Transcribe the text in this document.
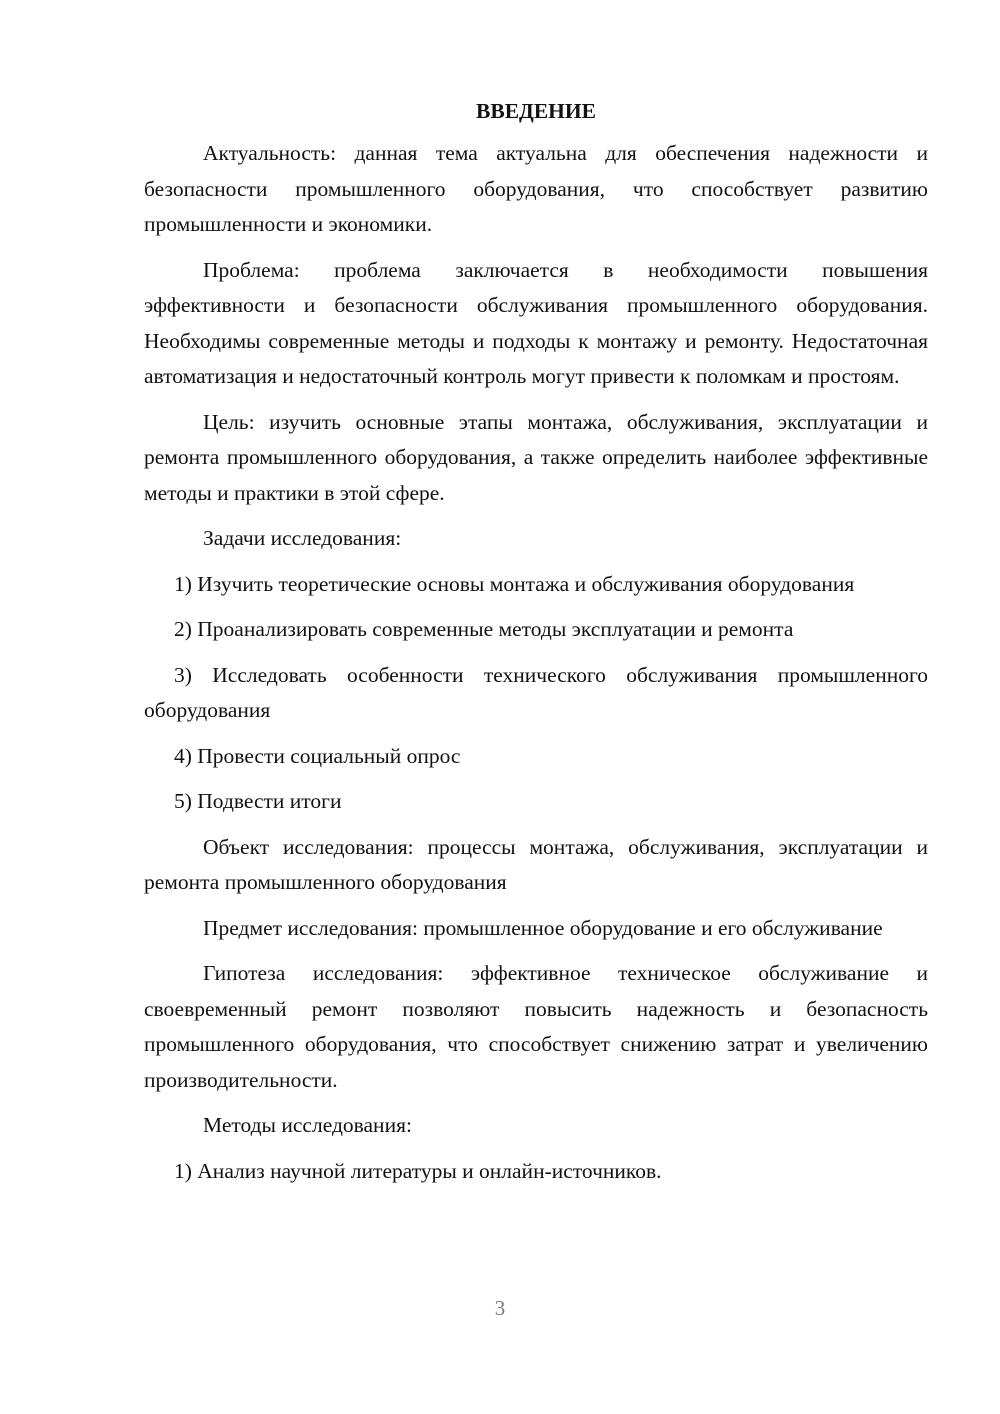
ВВЕДЕНИЕ
Актуальность: данная тема актуальна для обеспечения надежности и безопасности промышленного оборудования, что способствует развитию промышленности и экономики.
Проблема: проблема заключается в необходимости повышения эффективности и безопасности обслуживания промышленного оборудования. Необходимы современные методы и подходы к монтажу и ремонту. Недостаточная автоматизация и недостаточный контроль могут привести к поломкам и простоям.
Цель: изучить основные этапы монтажа, обслуживания, эксплуатации и ремонта промышленного оборудования, а также определить наиболее эффективные методы и практики в этой сфере.
Задачи исследования:
1) Изучить теоретические основы монтажа и обслуживания оборудования
2) Проанализировать современные методы эксплуатации и ремонта
3) Исследовать особенности технического обслуживания промышленного оборудования
4) Провести социальный опрос
5) Подвести итоги
Объект исследования: процессы монтажа, обслуживания, эксплуатации и ремонта промышленного оборудования
Предмет исследования: промышленное оборудование и его обслуживание
Гипотеза исследования: эффективное техническое обслуживание и своевременный ремонт позволяют повысить надежность и безопасность промышленного оборудования, что способствует снижению затрат и увеличению производительности.
Методы исследования:
1) Анализ научной литературы и онлайн-источников.
3
